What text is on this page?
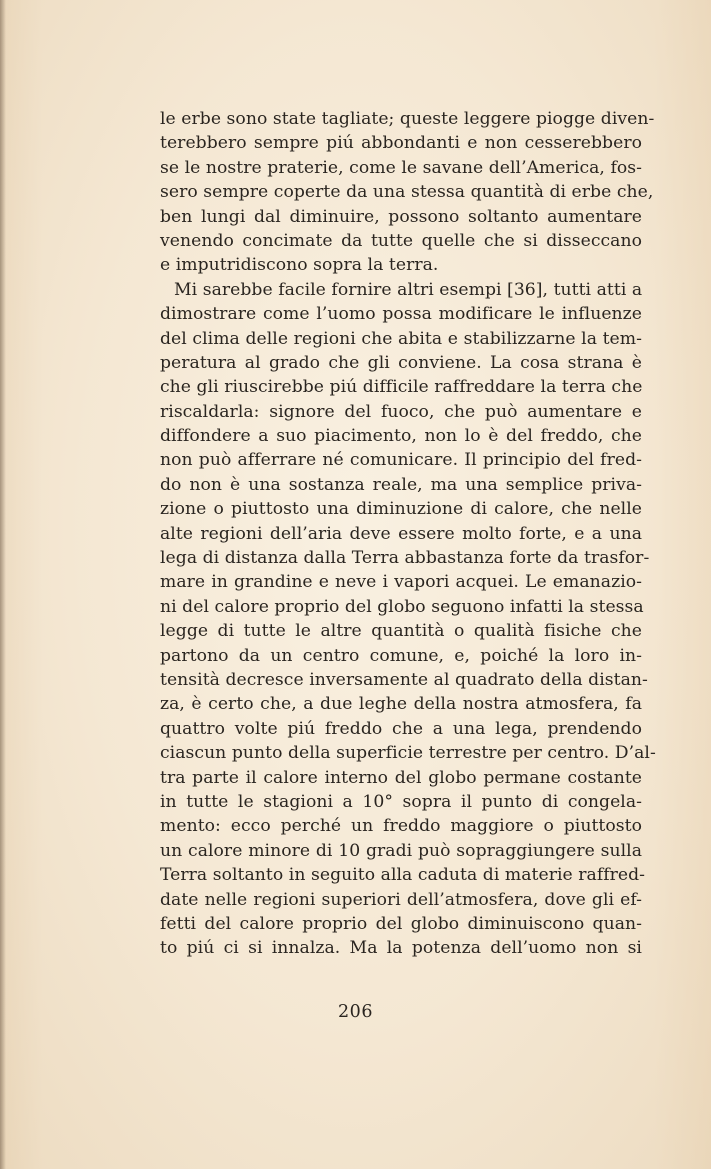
le erbe sono state tagliate; queste leggere piogge diven-
terebbero sempre piú abbondanti e non cesserebbero
se le nostre praterie, come le savane dell’America, fos-
sero sempre coperte da una stessa quantità di erbe che,
ben lungi dal diminuire, possono soltanto aumentare
venendo concimate da tutte quelle che si disseccano
e imputridiscono sopra la terra.
Mi sarebbe facile fornire altri esempi [36], tutti atti a
dimostrare come l’uomo possa modificare le influenze
del clima delle regioni che abita e stabilizzarne la tem-
peratura al grado che gli conviene. La cosa strana è
che gli riuscirebbe piú difficile raffreddare la terra che
riscaldarla: signore del fuoco, che può aumentare e
diffondere a suo piacimento, non lo è del freddo, che
non può afferrare né comunicare. Il principio del fred-
do non è una sostanza reale, ma una semplice priva-
zione o piuttosto una diminuzione di calore, che nelle
alte regioni dell’aria deve essere molto forte, e a una
lega di distanza dalla Terra abbastanza forte da trasfor-
mare in grandine e neve i vapori acquei. Le emanazio-
ni del calore proprio del globo seguono infatti la stessa
legge di tutte le altre quantità o qualità fisiche che
partono da un centro comune, e, poiché la loro in-
tensità decresce inversamente al quadrato della distan-
za, è certo che, a due leghe della nostra atmosfera, fa
quattro volte piú freddo che a una lega, prendendo
ciascun punto della superficie terrestre per centro. D’al-
tra parte il calore interno del globo permane costante
in tutte le stagioni a 10° sopra il punto di congela-
mento: ecco perché un freddo maggiore o piuttosto
un calore minore di 10 gradi può sopraggiungere sulla
Terra soltanto in seguito alla caduta di materie raffred-
date nelle regioni superiori dell’atmosfera, dove gli ef-
fetti del calore proprio del globo diminuiscono quan-
to piú ci si innalza. Ma la potenza dell’uomo non si
206
